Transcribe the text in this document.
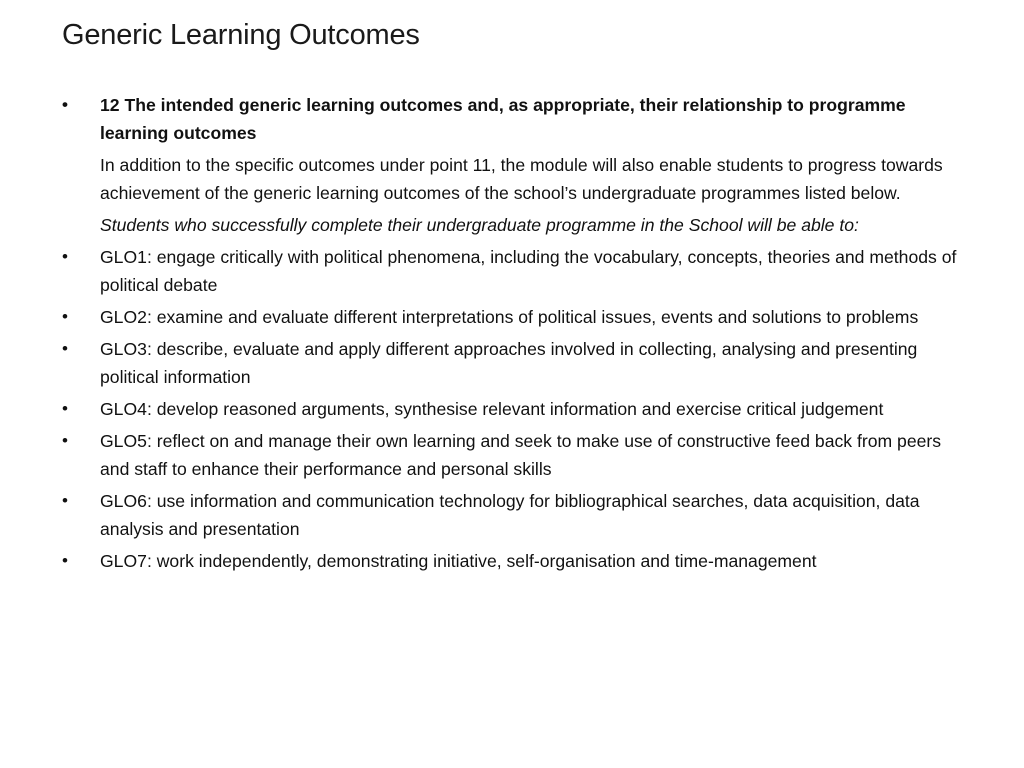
Generic Learning Outcomes
• 12 The intended generic learning outcomes and, as appropriate, their relationship to programme learning outcomes
In addition to the specific outcomes under point 11, the module will also enable students to progress towards achievement of the generic learning outcomes of the school’s undergraduate programmes listed below.
Students who successfully complete their undergraduate programme in the School will be able to:
• GLO1: engage critically with political phenomena, including the vocabulary, concepts, theories and methods of political debate
• GLO2: examine and evaluate different interpretations of political issues, events and solutions to problems
• GLO3: describe, evaluate and apply different approaches involved in collecting, analysing and presenting political information
• GLO4: develop reasoned arguments, synthesise relevant information and exercise critical judgement
• GLO5: reflect on and manage their own learning and seek to make use of constructive feed back from peers and staff to enhance their performance and personal skills
• GLO6: use information and communication technology for bibliographical searches, data acquisition, data analysis and presentation
• GLO7: work independently, demonstrating initiative, self-organisation and time-management
